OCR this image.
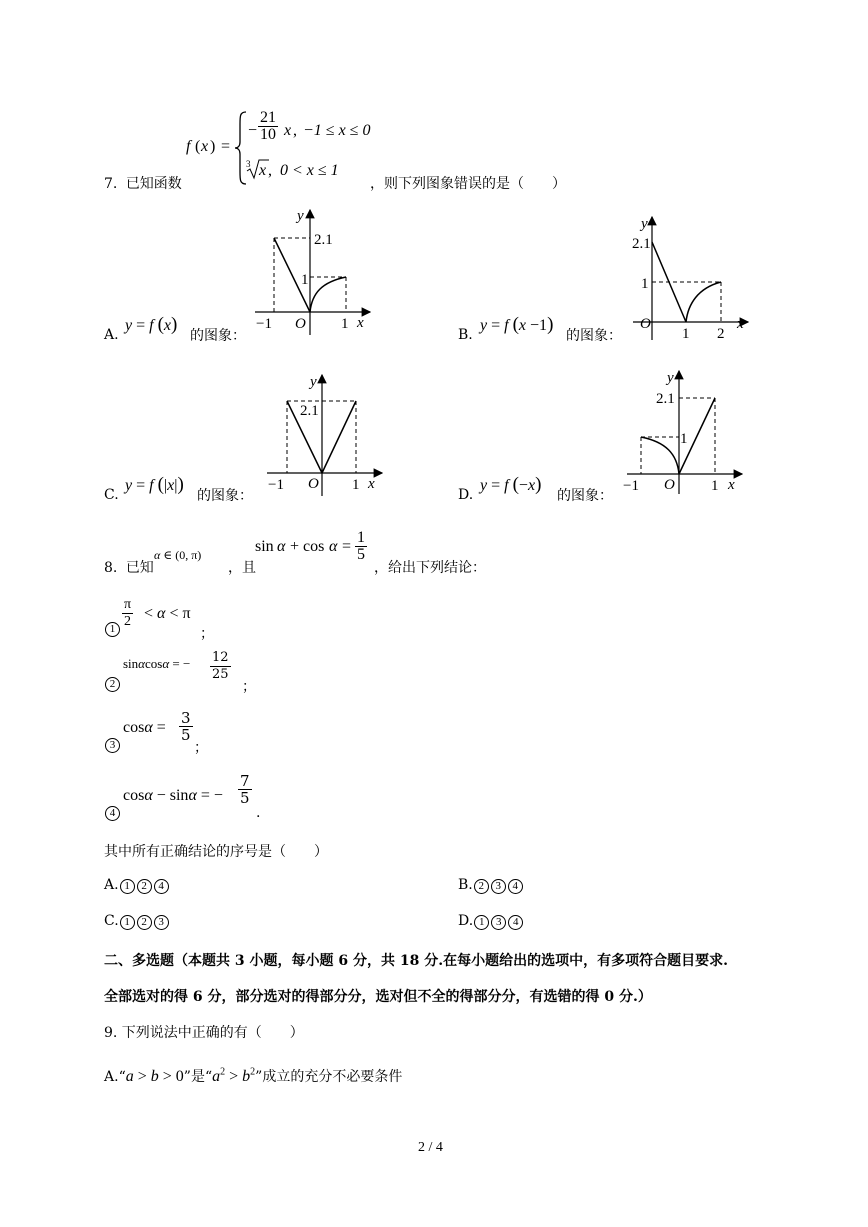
7. 已知函数
f ( x ) =
− $\frac{21}{10}$ x , −1 ≤ x ≤ 0
3 x , 0 < x ≤ 1
，则下列图象错误的是（　　）
A.
y = f (x)
的图象：
2.1
1
−1 O 1 x
y
B.
y = f (x −1)
的图象：
2.1
1
O
1 2
x
y
C.
y = f (|x|)
的图象：
2.1
−1 O 1 x
y
D.
y = f (−x)
的图象：
2.1
1
−1 O 1 x
y
8. 已知
α ∈ (0, π)
，且
$\sin \alpha + \cos \alpha = \frac{1}{5}$
，给出下列结论：
$1 \frac{\pi}{2} < \alpha < \pi$
；
2
sinαcosα = − $\frac{12}{25}$
；
3
$\cos\alpha = \frac{3}{5}$
；
4
cosα − sinα = − $\frac{7}{5}$
.
其中所有正确结论的序号是（　　）
A. 1 2 4	B. 2 3 4
C. 1 2 3	D. 1 3 4
二、多选题（本题共 3 小题，每小题 6 分，共 18 分.在每小题给出的选项中，有多项符合题目要求.
全部选对的得 6 分，部分选对的得部分分，选对但不全的得部分分，有选错的得 0 分.）
9. 下列说法中正确的有（　　）
A.“a > b > 0”是“$a^2 > b^2$”成立的充分不必要条件
2 / 4
